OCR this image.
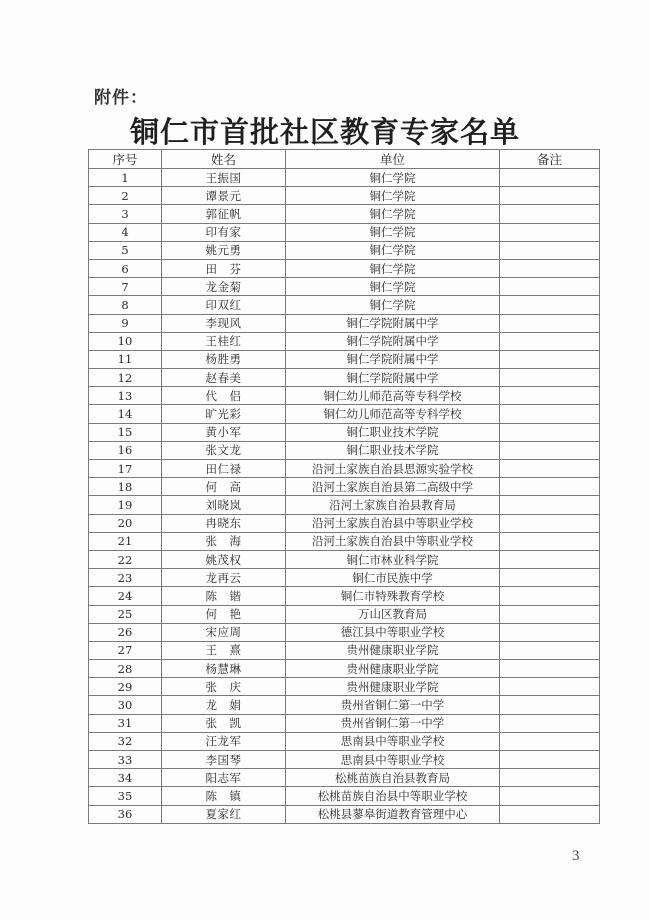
附件：
铜仁市首批社区教育专家名单
序号	姓名	单位	备注
1	王振国	铜仁学院	
2	谭景元	铜仁学院	
3	郭征帆	铜仁学院	
4	印有家	铜仁学院	
5	姚元勇	铜仁学院	
6	田　芬	铜仁学院	
7	龙金菊	铜仁学院	
8	印双红	铜仁学院	
9	李现风	铜仁学院附属中学	
10	王桂红	铜仁学院附属中学	
11	杨胜勇	铜仁学院附属中学	
12	赵春美	铜仁学院附属中学	
13	代　侣	铜仁幼儿师范高等专科学校	
14	旷光彩	铜仁幼儿师范高等专科学校	
15	黄小军	铜仁职业技术学院	
16	张文龙	铜仁职业技术学院	
17	田仁禄	沿河土家族自治县思源实验学校	
18	何　高	沿河土家族自治县第二高级中学	
19	刘晓岚	沿河土家族自治县教育局	
20	冉晓东	沿河土家族自治县中等职业学校	
21	张　海	沿河土家族自治县中等职业学校	
22	姚茂权	铜仁市林业科学院	
23	龙再云	铜仁市民族中学	
24	陈　锴	铜仁市特殊教育学校	
25	何　艳	万山区教育局	
26	宋应周	德江县中等职业学校	
27	王　熹	贵州健康职业学院	
28	杨慧琳	贵州健康职业学院	
29	张　庆	贵州健康职业学院	
30	龙　娟	贵州省铜仁第一中学	
31	张　凯	贵州省铜仁第一中学	
32	汪龙军	思南县中等职业学校	
33	李国琴	思南县中等职业学校	
34	阳志军	松桃苗族自治县教育局	
35	陈　镇	松桃苗族自治县中等职业学校	
36	夏家红	松桃县蓼皋街道教育管理中心	
3
